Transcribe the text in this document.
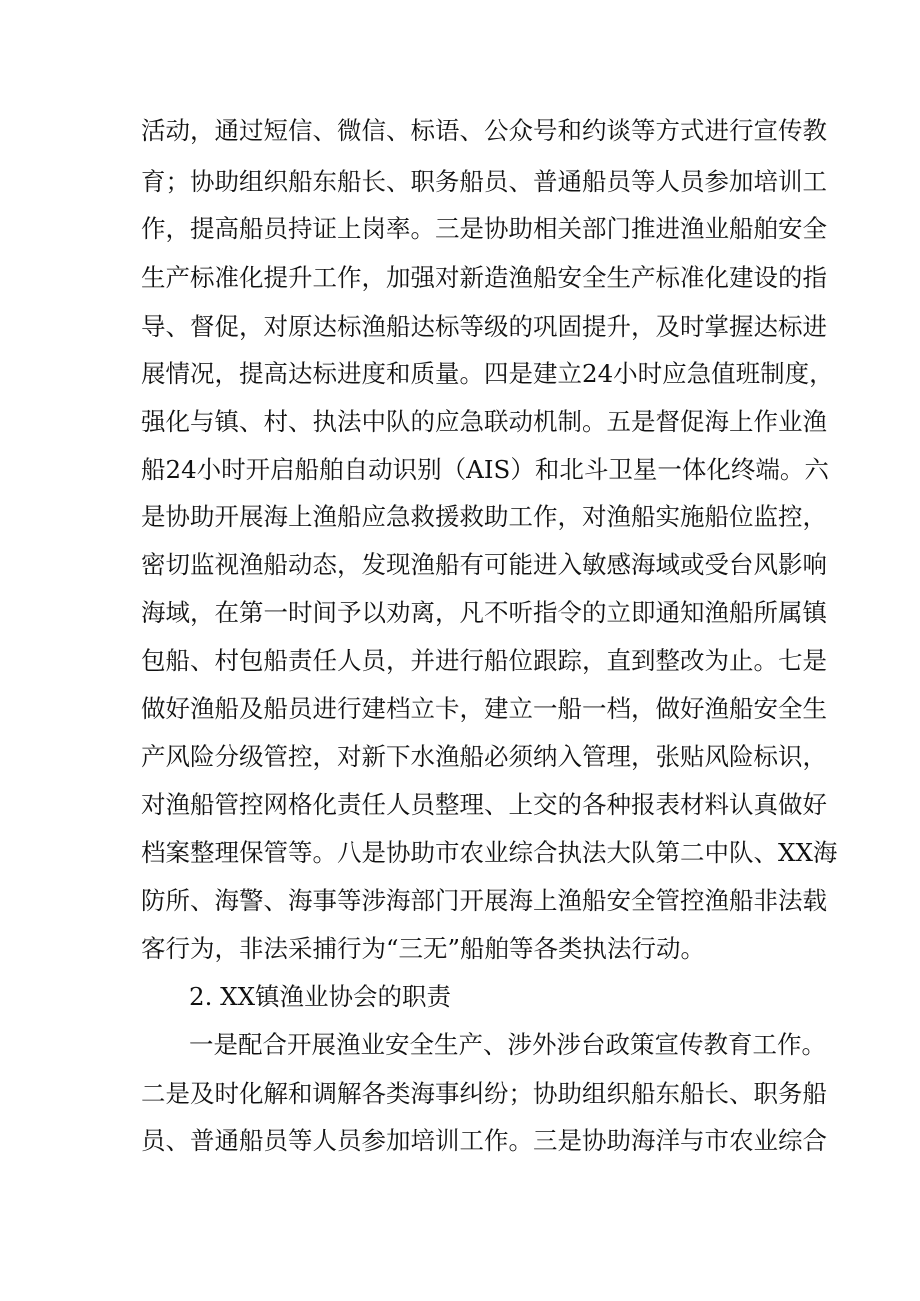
活动，通过短信、微信、标语、公众号和约谈等方式进行宣传教
育；协助组织船东船长、职务船员、普通船员等人员参加培训工
作，提高船员持证上岗率。三是协助相关部门推进渔业船舶安全
生产标准化提升工作，加强对新造渔船安全生产标准化建设的指
导、督促，对原达标渔船达标等级的巩固提升，及时掌握达标进
展情况，提高达标进度和质量。四是建立24小时应急值班制度，
强化与镇、村、执法中队的应急联动机制。五是督促海上作业渔
船24小时开启船舶自动识别（AIS）和北斗卫星一体化终端。六
是协助开展海上渔船应急救援救助工作，对渔船实施船位监控，
密切监视渔船动态，发现渔船有可能进入敏感海域或受台风影响
海域，在第一时间予以劝离，凡不听指令的立即通知渔船所属镇
包船、村包船责任人员，并进行船位跟踪，直到整改为止。七是
做好渔船及船员进行建档立卡，建立一船一档，做好渔船安全生
产风险分级管控，对新下水渔船必须纳入管理，张贴风险标识，
对渔船管控网格化责任人员整理、上交的各种报表材料认真做好
档案整理保管等。八是协助市农业综合执法大队第二中队、XX海
防所、海警、海事等涉海部门开展海上渔船安全管控渔船非法载
客行为，非法采捕行为“三无”船舶等各类执法行动。
2. XX镇渔业协会的职责
一是配合开展渔业安全生产、涉外涉台政策宣传教育工作。
二是及时化解和调解各类海事纠纷；协助组织船东船长、职务船
员、普通船员等人员参加培训工作。三是协助海洋与市农业综合
